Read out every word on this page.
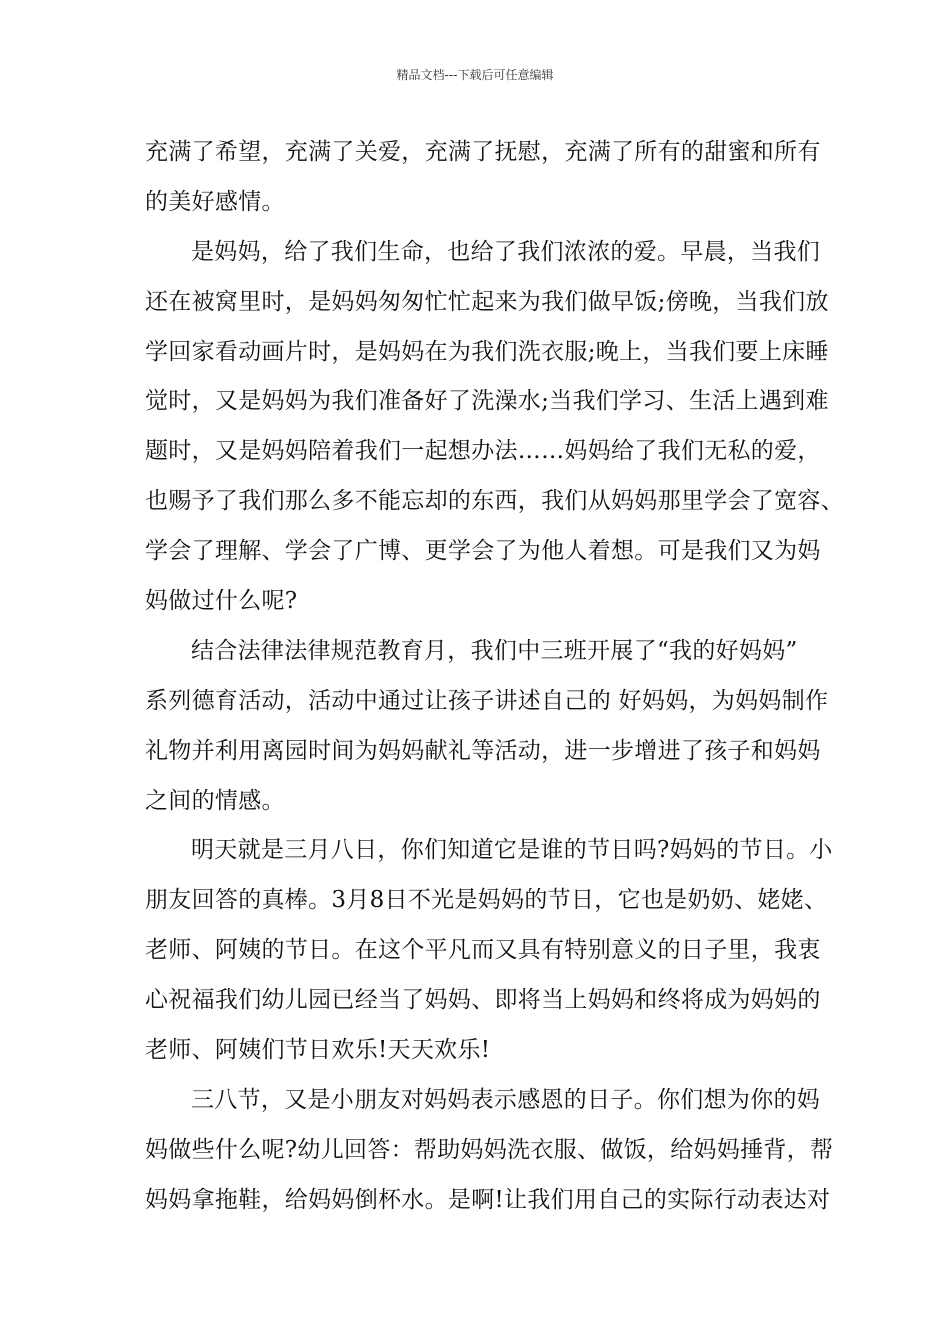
精品文档---下载后可任意编辑
充满了希望，充满了关爱，充满了抚慰，充满了所有的甜蜜和所有
的美好感情。
是妈妈，给了我们生命，也给了我们浓浓的爱。早晨，当我们
还在被窝里时，是妈妈匆匆忙忙起来为我们做早饭;傍晚，当我们放
学回家看动画片时，是妈妈在为我们洗衣服;晚上，当我们要上床睡
觉时，又是妈妈为我们准备好了洗澡水;当我们学习、生活上遇到难
题时，又是妈妈陪着我们一起想办法……妈妈给了我们无私的爱，
也赐予了我们那么多不能忘却的东西，我们从妈妈那里学会了宽容、
学会了理解、学会了广博、更学会了为他人着想。可是我们又为妈
妈做过什么呢?
结合法律法律规范教育月，我们中三班开展了“我的好妈妈”
系列德育活动，活动中通过让孩子讲述自己的 好妈妈，为妈妈制作
礼物并利用离园时间为妈妈献礼等活动，进一步增进了孩子和妈妈
之间的情感。
明天就是三月八日，你们知道它是谁的节日吗?妈妈的节日。小
朋友回答的真棒。3月8日不光是妈妈的节日，它也是奶奶、姥姥、
老师、阿姨的节日。在这个平凡而又具有特别意义的日子里，我衷
心祝福我们幼儿园已经当了妈妈、即将当上妈妈和终将成为妈妈的
老师、阿姨们节日欢乐!天天欢乐!
三八节，又是小朋友对妈妈表示感恩的日子。你们想为你的妈
妈做些什么呢?幼儿回答：帮助妈妈洗衣服、做饭，给妈妈捶背，帮
妈妈拿拖鞋，给妈妈倒杯水。是啊!让我们用自己的实际行动表达对
